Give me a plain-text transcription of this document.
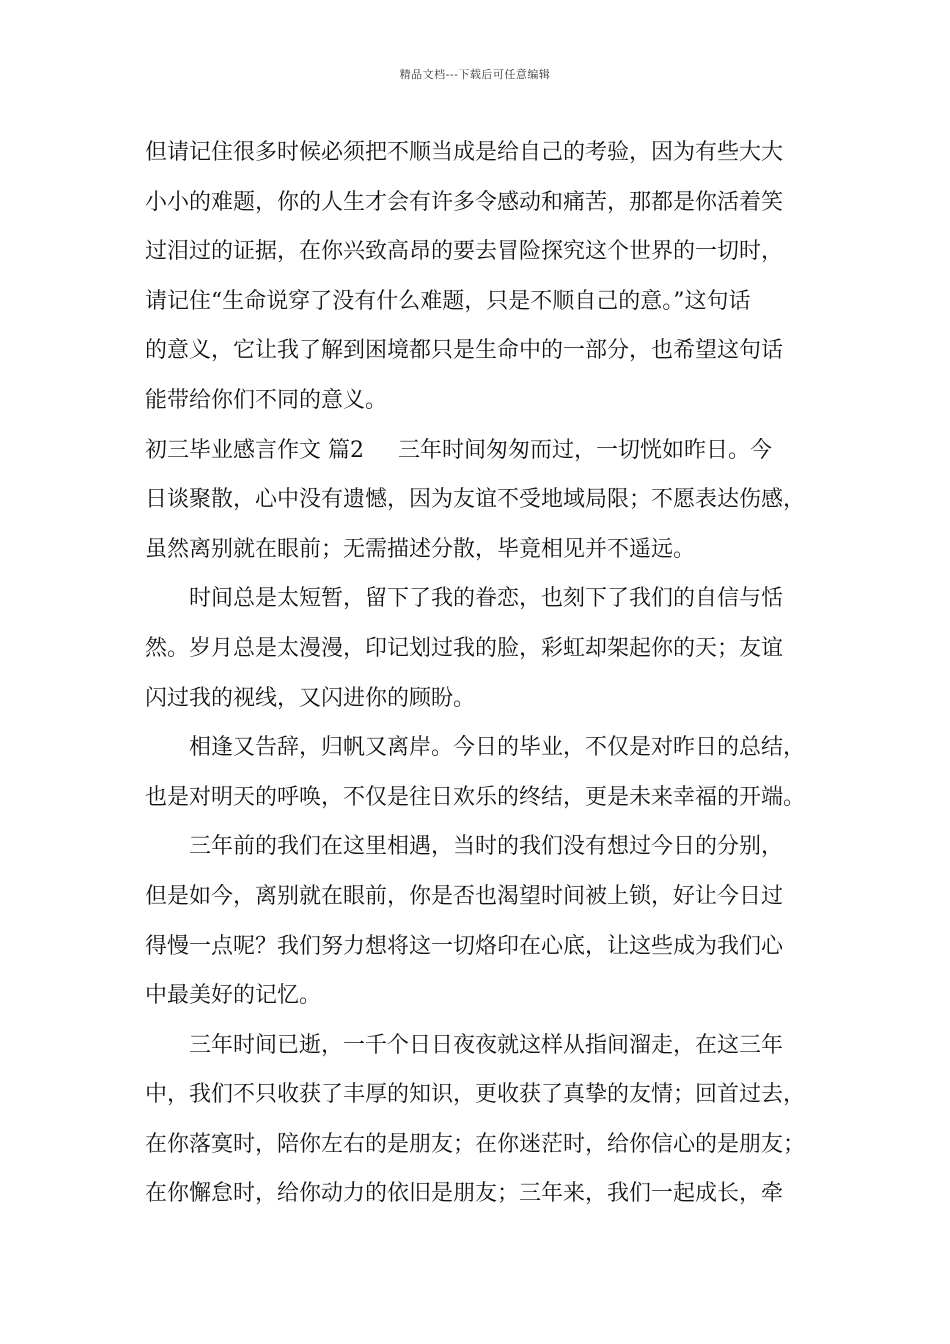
精品文档---下载后可任意编辑
但请记住很多时候必须把不顺当成是给自己的考验，因为有些大大
小小的难题，你的人生才会有许多令感动和痛苦，那都是你活着笑
过泪过的证据，在你兴致高昂的要去冒险探究这个世界的一切时，
请记住“生命说穿了没有什么难题，只是不顺自己的意。”这句话
的意义，它让我了解到困境都只是生命中的一部分，也希望这句话
能带给你们不同的意义。
初三毕业感言作文 篇2 三年时间匆匆而过，一切恍如昨日。今
日谈聚散，心中没有遗憾，因为友谊不受地域局限；不愿表达伤感，
虽然离别就在眼前；无需描述分散，毕竟相见并不遥远。
时间总是太短暂，留下了我的眷恋，也刻下了我们的自信与恬
然。岁月总是太漫漫，印记划过我的脸，彩虹却架起你的天；友谊
闪过我的视线，又闪进你的顾盼。
相逢又告辞，归帆又离岸。今日的毕业，不仅是对昨日的总结，
也是对明天的呼唤，不仅是往日欢乐的终结，更是未来幸福的开端。
三年前的我们在这里相遇，当时的我们没有想过今日的分别，
但是如今，离别就在眼前，你是否也渴望时间被上锁，好让今日过
得慢一点呢？我们努力想将这一切烙印在心底，让这些成为我们心
中最美好的记忆。
三年时间已逝，一千个日日夜夜就这样从指间溜走，在这三年
中，我们不只收获了丰厚的知识，更收获了真挚的友情；回首过去，
在你落寞时，陪你左右的是朋友；在你迷茫时，给你信心的是朋友；
在你懈怠时，给你动力的依旧是朋友；三年来，我们一起成长，牵
